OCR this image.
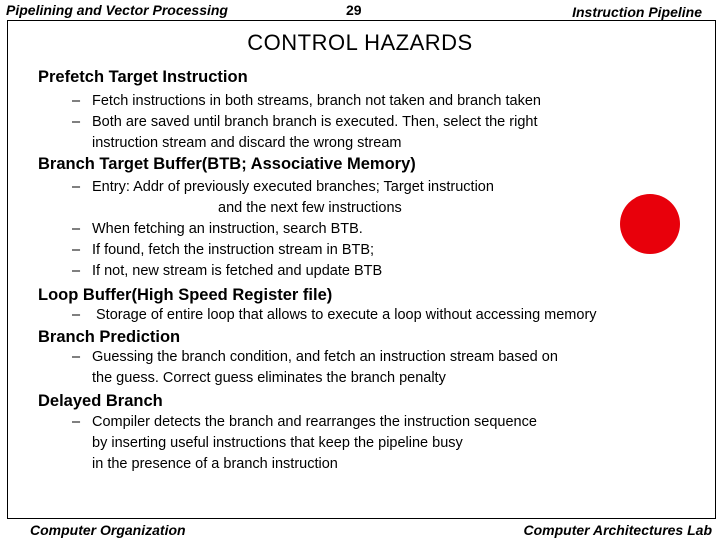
Pipelining and Vector Processing	29	Instruction Pipeline
CONTROL HAZARDS
Prefetch Target Instruction
– Fetch instructions in both streams, branch not taken and branch taken
– Both are saved until branch branch is executed. Then, select the right
instruction stream and discard the wrong stream
Branch Target Buffer(BTB; Associative Memory)
– Entry: Addr of previously executed branches; Target instruction
and the next few instructions
– When fetching an instruction, search BTB.
– If found, fetch the instruction stream in BTB;
– If not, new stream is fetched and update BTB
Loop Buffer(High Speed Register file)
– Storage of entire loop that allows to execute a loop without accessing memory
Branch Prediction
– Guessing the branch condition, and fetch an instruction stream based on
the guess. Correct guess eliminates the branch penalty
Delayed Branch
– Compiler detects the branch and rearranges the instruction sequence
by inserting useful instructions that keep the pipeline busy
in the presence of a branch instruction
Computer Organization	Computer Architectures Lab
